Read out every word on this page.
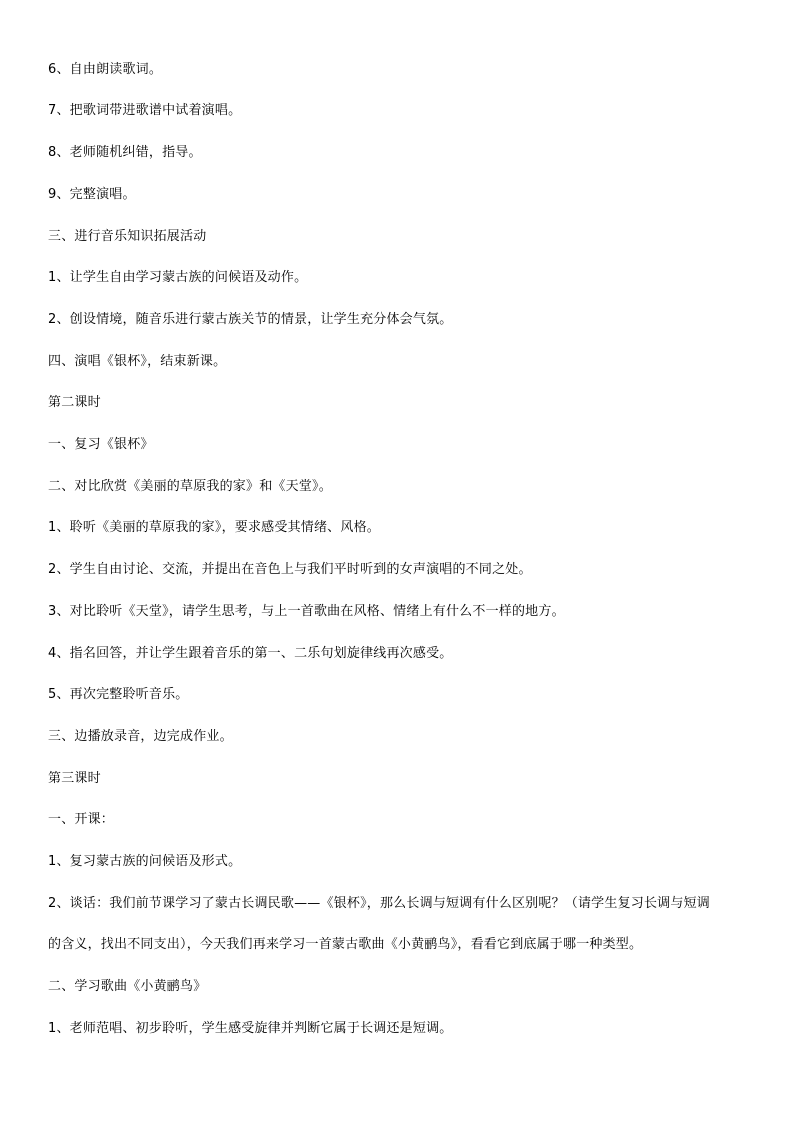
6、自由朗读歌词。
7、把歌词带进歌谱中试着演唱。
8、老师随机纠错，指导。
9、完整演唱。
三、进行音乐知识拓展活动
1、让学生自由学习蒙古族的问候语及动作。
2、创设情境，随音乐进行蒙古族关节的情景，让学生充分体会气氛。
四、演唱《银杯》，结束新课。
第二课时
一、复习《银杯》
二、对比欣赏《美丽的草原我的家》和《天堂》。
1、聆听《美丽的草原我的家》，要求感受其情绪、风格。
2、学生自由讨论、交流，并提出在音色上与我们平时听到的女声演唱的不同之处。
3、对比聆听《天堂》，请学生思考，与上一首歌曲在风格、情绪上有什么不一样的地方。
4、指名回答，并让学生跟着音乐的第一、二乐句划旋律线再次感受。
5、再次完整聆听音乐。
三、边播放录音，边完成作业。
第三课时
一、开课：
1、复习蒙古族的问候语及形式。
2、谈话：我们前节课学习了蒙古长调民歌——《银杯》，那么长调与短调有什么区别呢？（请学生复习长调与短调
的含义，找出不同支出），今天我们再来学习一首蒙古歌曲《小黄鹂鸟》，看看它到底属于哪一种类型。
二、学习歌曲《小黄鹂鸟》
1、老师范唱、初步聆听，学生感受旋律并判断它属于长调还是短调。
